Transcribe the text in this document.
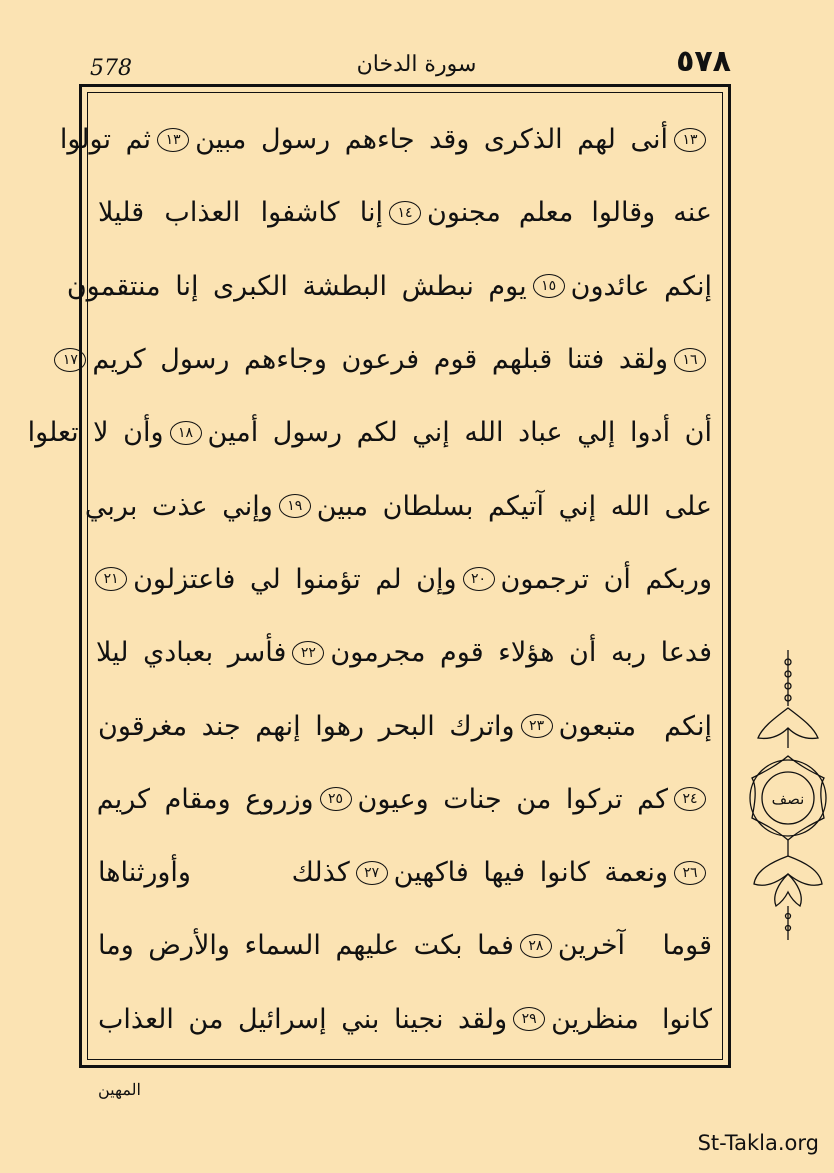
578	سورة الدخان	٥٧٨
١٣
أنى لهم الذكرى وقد جاءهم رسول مبين
١٣
ثم تولوا
عنه وقالوا معلم مجنون
١٤
إنا كاشفوا العذاب قليلا
إنكم عائدون
١٥
يوم نبطش البطشة الكبرى إنا منتقمون
١٦
ولقد فتنا قبلهم قوم فرعون وجاءهم رسول كريم
١٧
أن أدوا إلي عباد الله إني لكم رسول أمين
١٨
وأن لا تعلوا
على الله إني آتيكم بسلطان مبين
١٩
وإني عذت بربي
وربكم أن ترجمون
٢٠
وإن لم تؤمنوا لي فاعتزلون
٢١
فدعا ربه أن هؤلاء قوم مجرمون
٢٢
فأسر بعبادي ليلا
إنكم متبعون
٢٣
واترك البحر رهوا إنهم جند مغرقون
٢٤
كم تركوا من جنات وعيون
٢٥
وزروع ومقام كريم
٢٦
ونعمة كانوا فيها فاكهين
٢٧
كذلك وأورثناها
قوما آخرين
٢٨
فما بكت عليهم السماء والأرض وما
كانوا منظرين
٢٩
ولقد نجينا بني إسرائيل من العذاب
نصف
المهين
St-Takla.org
